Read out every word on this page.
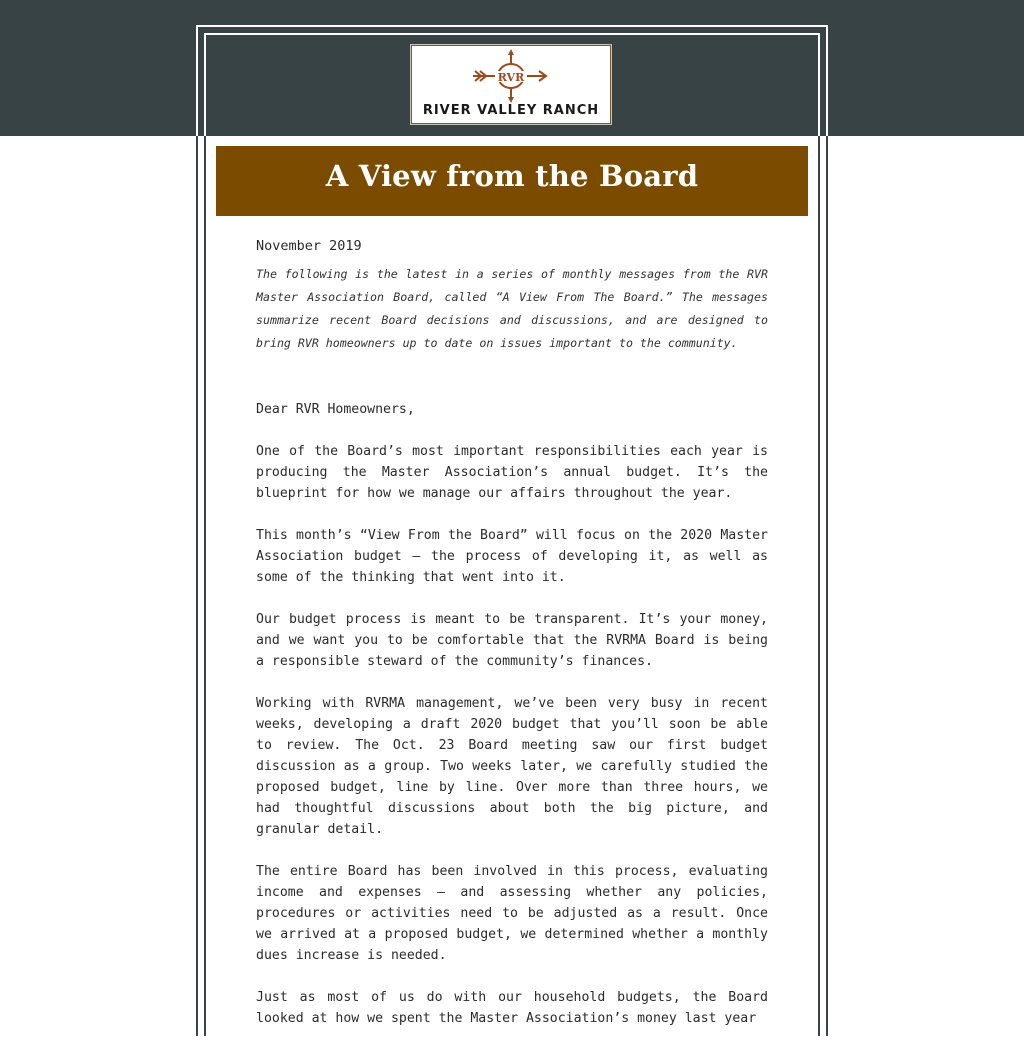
RVR
RIVER VALLEY RANCH
A View from the Board

November 2019

The following is the latest in a series of monthly messages from the RVR Master Association Board, called “A View From The Board.” The messages summarize recent Board decisions and discussions, and are designed to bring RVR homeowners up to date on issues important to the community.

Dear RVR Homeowners,

One of the Board’s most important responsibilities each year is producing the Master Association’s annual budget. It’s the blueprint for how we manage our affairs throughout the year.

This month’s “View From the Board” will focus on the 2020 Master Association budget – the process of developing it, as well as some of the thinking that went into it.

Our budget process is meant to be transparent. It’s your money, and we want you to be comfortable that the RVRMA Board is being a responsible steward of the community’s finances.

Working with RVRMA management, we’ve been very busy in recent weeks, developing a draft 2020 budget that you’ll soon be able to review. The Oct. 23 Board meeting saw our first budget discussion as a group. Two weeks later, we carefully studied the proposed budget, line by line. Over more than three hours, we had thoughtful discussions about both the big picture, and granular detail.

The entire Board has been involved in this process, evaluating income and expenses – and assessing whether any policies, procedures or activities need to be adjusted as a result. Once we arrived at a proposed budget, we determined whether a monthly dues increase is needed.

Just as most of us do with our household budgets, the Board looked at how we spent the Master Association’s money last year
